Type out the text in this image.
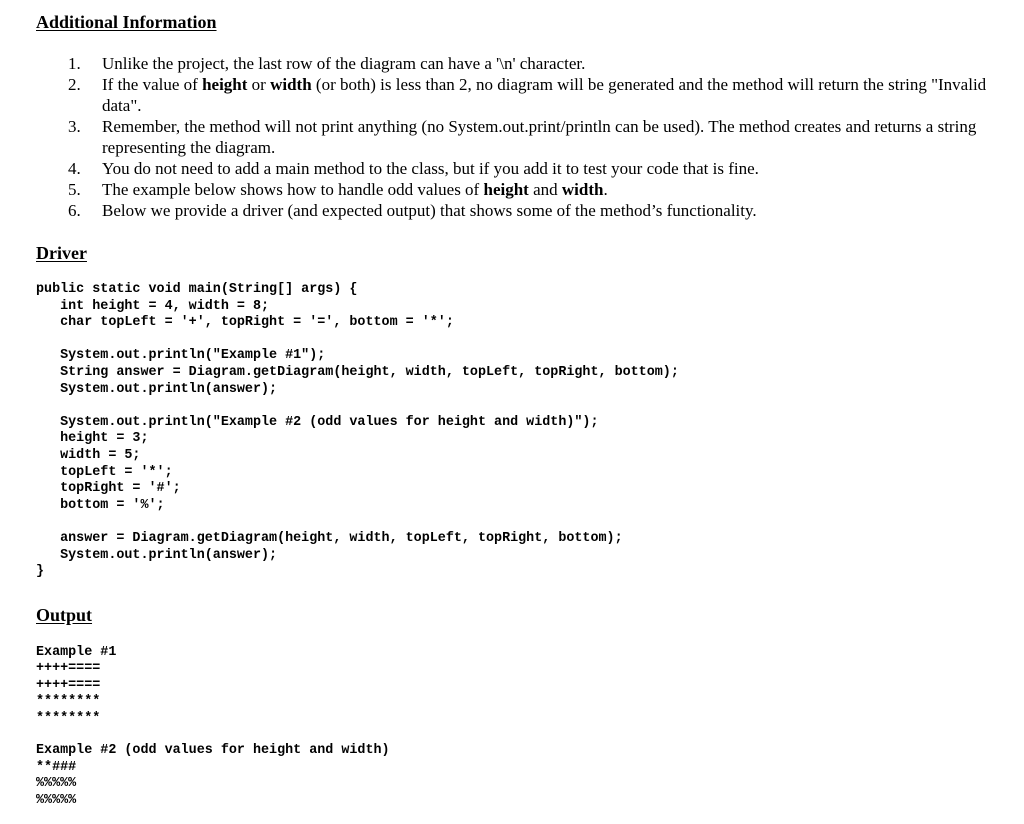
Additional Information
1. Unlike the project, the last row of the diagram can have a '\n' character.
2. If the value of height or width (or both) is less than 2, no diagram will be generated and the method will return the string "Invalid data".
3. Remember, the method will not print anything (no System.out.print/println can be used). The method creates and returns a string representing the diagram.
4. You do not need to add a main method to the class, but if you add it to test your code that is fine.
5. The example below shows how to handle odd values of height and width.
6. Below we provide a driver (and expected output) that shows some of the method’s functionality.
Driver
public static void main(String[] args) {
int height = 4, width = 8;
char topLeft = '+', topRight = '=', bottom = '*';

System.out.println("Example #1");
String answer = Diagram.getDiagram(height, width, topLeft, topRight, bottom);
System.out.println(answer);

System.out.println("Example #2 (odd values for height and width)");
height = 3;
width = 5;
topLeft = '*';
topRight = '#';
bottom = '%';

answer = Diagram.getDiagram(height, width, topLeft, topRight, bottom);
System.out.println(answer);
}
Output
Example #1
++++====
++++====
********
********

Example #2 (odd values for height and width)
**###
%%%%%
%%%%%
